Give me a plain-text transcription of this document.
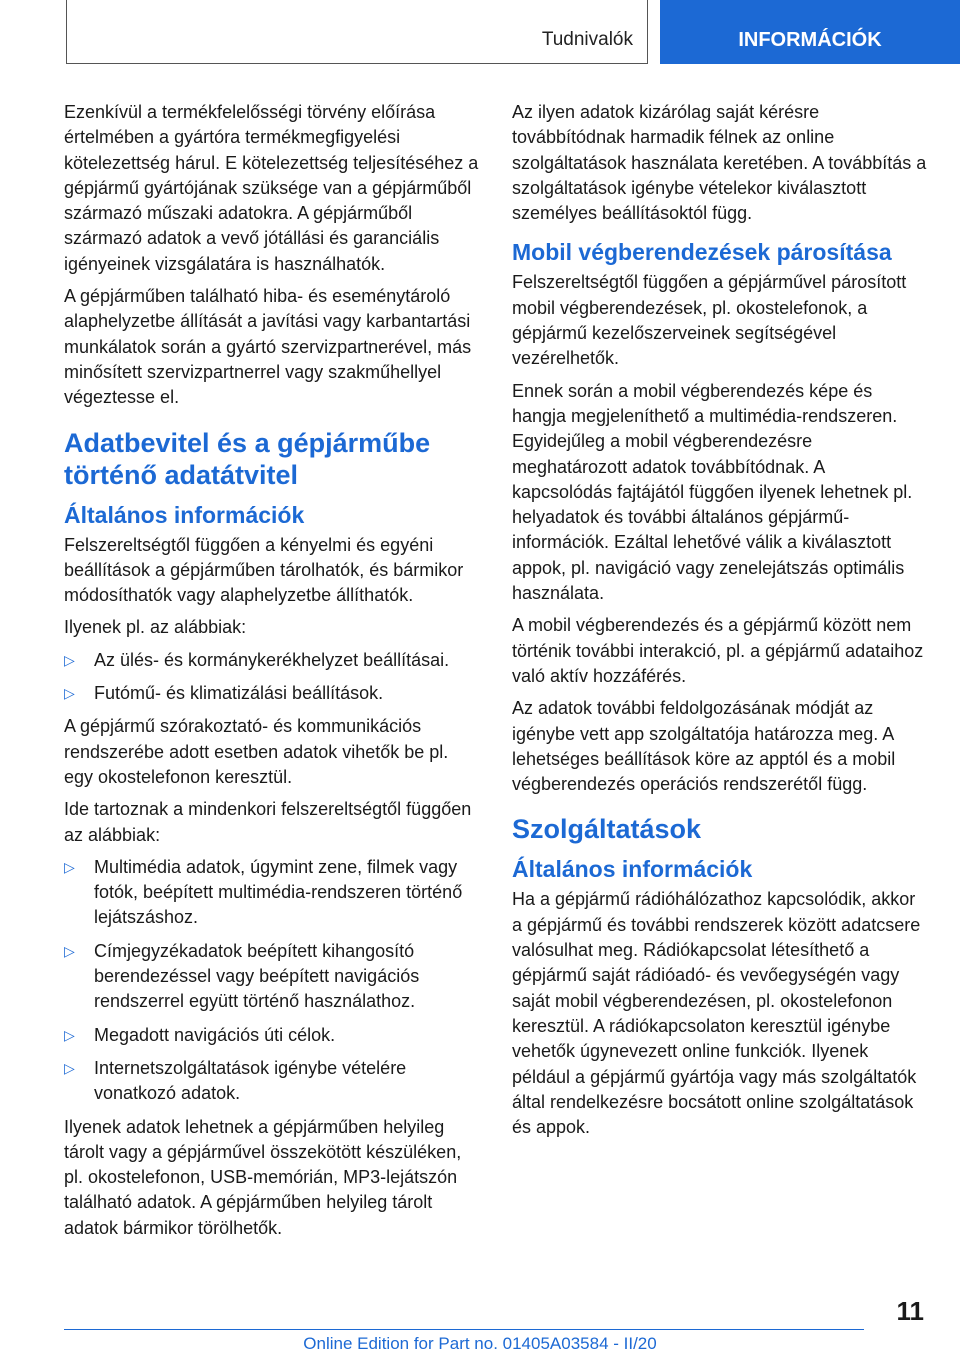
Tudnivalók	INFORMÁCIÓK

Ezenkívül a termékfelelősségi törvény előírása értelmében a gyártóra termékmegfigyelési kötelezettség hárul. E kötelezettség teljesítéséhez a gépjármű gyártójának szüksége van a gépjárműből származó műszaki adatokra. A gépjárműből származó adatok a vevő jótállási és garanciális igényeinek vizsgálatára is használhatók.

A gépjárműben található hiba- és eseménytároló alaphelyzetbe állítását a javítási vagy karbantartási munkálatok során a gyártó szervizpartnerével, más minősített szervizpartnerrel vagy szakműhellyel végeztesse el.

Adatbevitel és a gépjárműbe történő adatátvitel
Általános információk

Felszereltségtől függően a kényelmi és egyéni beállítások a gépjárműben tárolhatók, és bármikor módosíthatók vagy alaphelyzetbe állíthatók.

Ilyenek pl. az alábbiak:

▷ Az ülés- és kormánykerékhelyzet beállításai.
▷ Futómű- és klimatizálási beállítások.

A gépjármű szórakoztató- és kommunikációs rendszerébe adott esetben adatok vihetők be pl. egy okostelefonon keresztül.

Ide tartoznak a mindenkori felszereltségtől függően az alábbiak:

▷ Multimédia adatok, úgymint zene, filmek vagy fotók, beépített multimédia-rendszeren történő lejátszáshoz.
▷ Címjegyzékadatok beépített kihangosító berendezéssel vagy beépített navigációs rendszerrel együtt történő használathoz.
▷ Megadott navigációs úti célok.
▷ Internetszolgáltatások igénybe vételére vonatkozó adatok.

Ilyenek adatok lehetnek a gépjárműben helyileg tárolt vagy a gépjárművel összekötött készüléken, pl. okostelefonon, USB-memórián, MP3-lejátszón található adatok. A gépjárműben helyileg tárolt adatok bármikor törölhetők.

Az ilyen adatok kizárólag saját kérésre továbbítódnak harmadik félnek az online szolgáltatások használata keretében. A továbbítás a szolgáltatások igénybe vételekor kiválasztott személyes beállításoktól függ.

Mobil végberendezések párosítása

Felszereltségtől függően a gépjárművel párosított mobil végberendezések, pl. okostelefonok, a gépjármű kezelőszerveinek segítségével vezérelhetők.

Ennek során a mobil végberendezés képe és hangja megjeleníthető a multimédia-rendszeren. Egyidejűleg a mobil végberendezésre meghatározott adatok továbbítódnak. A kapcsolódás fajtájától függően ilyenek lehetnek pl. helyadatok és további általános gépjármű-információk. Ezáltal lehetővé válik a kiválasztott appok, pl. navigáció vagy zenelejátszás optimális használata.

A mobil végberendezés és a gépjármű között nem történik további interakció, pl. a gépjármű adataihoz való aktív hozzáférés.

Az adatok további feldolgozásának módját az igénybe vett app szolgáltatója határozza meg. A lehetséges beállítások köre az apptól és a mobil végberendezés operációs rendszerétől függ.

Szolgáltatások
Általános információk

Ha a gépjármű rádióhálózathoz kapcsolódik, akkor a gépjármű és további rendszerek között adatcsere valósulhat meg. Rádiókapcsolat létesíthető a gépjármű saját rádióadó- és vevőegységén vagy saját mobil végberendezésen, pl. okostelefonon keresztül. A rádiókapcsolaton keresztül igénybe vehetők úgynevezett online funkciók. Ilyenek például a gépjármű gyártója vagy más szolgáltatók által rendelkezésre bocsátott online szolgáltatások és appok.

11
Online Edition for Part no. 01405A03584 - II/20
